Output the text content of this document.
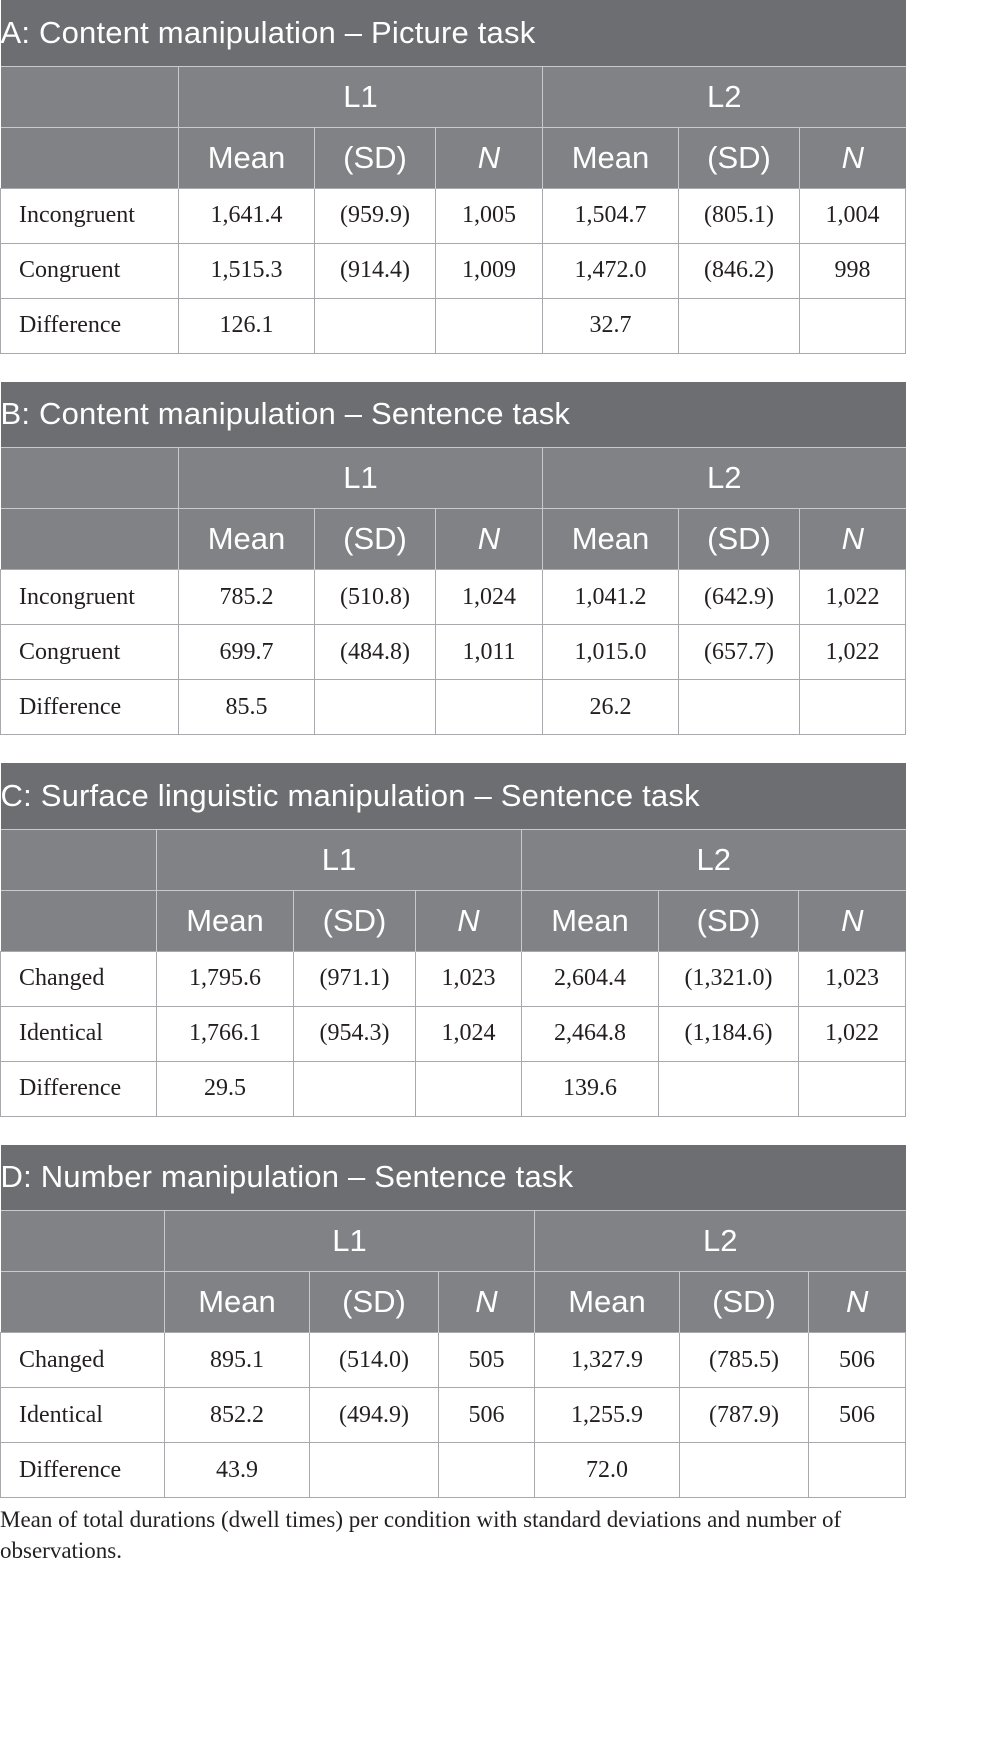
A: Content manipulation – Picture task						
	L1			L2		
	Mean	(SD)	N	Mean	(SD)	N
Incongruent	1,641.4	(959.9)	1,005	1,504.7	(805.1)	1,004
Congruent	1,515.3	(914.4)	1,009	1,472.0	(846.2)	998
Difference	126.1			32.7		
B: Content manipulation – Sentence task						
	L1			L2		
	Mean	(SD)	N	Mean	(SD)	N
Incongruent	785.2	(510.8)	1,024	1,041.2	(642.9)	1,022
Congruent	699.7	(484.8)	1,011	1,015.0	(657.7)	1,022
Difference	85.5			26.2		
C: Surface linguistic manipulation – Sentence task						
	L1			L2		
	Mean	(SD)	N	Mean	(SD)	N
Changed	1,795.6	(971.1)	1,023	2,604.4	(1,321.0)	1,023
Identical	1,766.1	(954.3)	1,024	2,464.8	(1,184.6)	1,022
Difference	29.5			139.6		
D: Number manipulation – Sentence task						
	L1			L2		
	Mean	(SD)	N	Mean	(SD)	N
Changed	895.1	(514.0)	505	1,327.9	(785.5)	506
Identical	852.2	(494.9)	506	1,255.9	(787.9)	506
Difference	43.9			72.0		
Mean of total durations (dwell times) per condition with standard deviations and number of observations.
